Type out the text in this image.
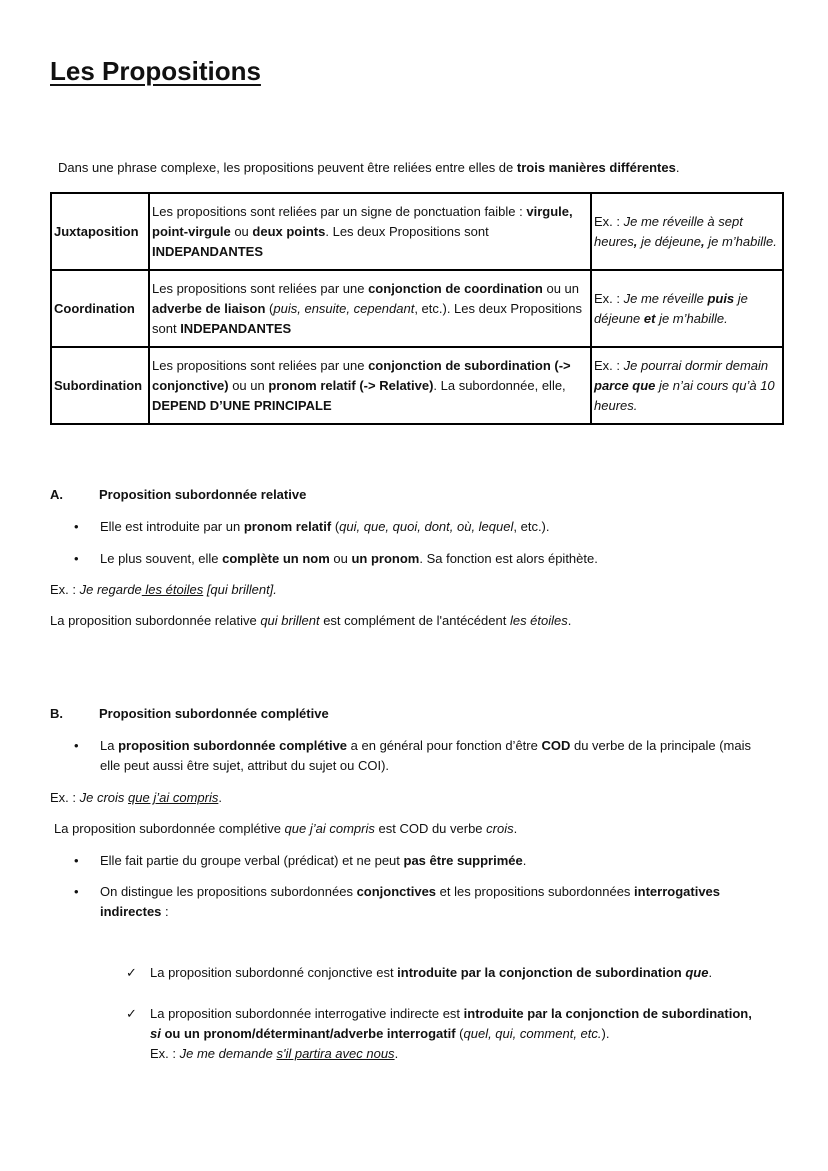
Les Propositions

Dans une phrase complexe, les propositions peuvent être reliées entre elles de trois manières différentes.

Juxtaposition	Les propositions sont reliées par un signe de ponctuation faible : virgule, point-virgule ou deux points. Les deux Propositions sont INDEPANDANTES	Ex. : Je me réveille à sept heures, je déjeune, je m’habille.
Coordination	Les propositions sont reliées par une conjonction de coordination ou un adverbe de liaison (puis, ensuite, cependant, etc.). Les deux Propositions sont INDEPANDANTES	Ex. : Je me réveille puis je déjeune et je m’habille.
Subordination	Les propositions sont reliées par une conjonction de subordination (-> conjonctive) ou un pronom relatif (-> Relative). La subordonnée, elle, DEPEND D’UNE PRINCIPALE	Ex. : Je pourrai dormir demain parce que je n’ai cours qu’à 10 heures.

A.	Proposition subordonnée relative

• Elle est introduite par un pronom relatif (qui, que, quoi, dont, où, lequel, etc.).

• Le plus souvent, elle complète un nom ou un pronom. Sa fonction est alors épithète.

Ex. : Je regarde les étoiles [qui brillent].

La proposition subordonnée relative qui brillent est complément de l'antécédent les étoiles.

B.	Proposition subordonnée complétive

• La proposition subordonnée complétive a en général pour fonction d’être COD du verbe de la principale (mais elle peut aussi être sujet, attribut du sujet ou COI).

Ex. : Je crois que j’ai compris.

La proposition subordonnée complétive que j’ai compris est COD du verbe crois.

• Elle fait partie du groupe verbal (prédicat) et ne peut pas être supprimée.

• On distingue les propositions subordonnées conjonctives et les propositions subordonnées interrogatives indirectes :

✓ La proposition subordonné conjonctive est introduite par la conjonction de subordination que.

✓ La proposition subordonnée interrogative indirecte est introduite par la conjonction de subordination, si ou un pronom/déterminant/adverbe interrogatif (quel, qui, comment, etc.).
Ex. : Je me demande s'il partira avec nous.
